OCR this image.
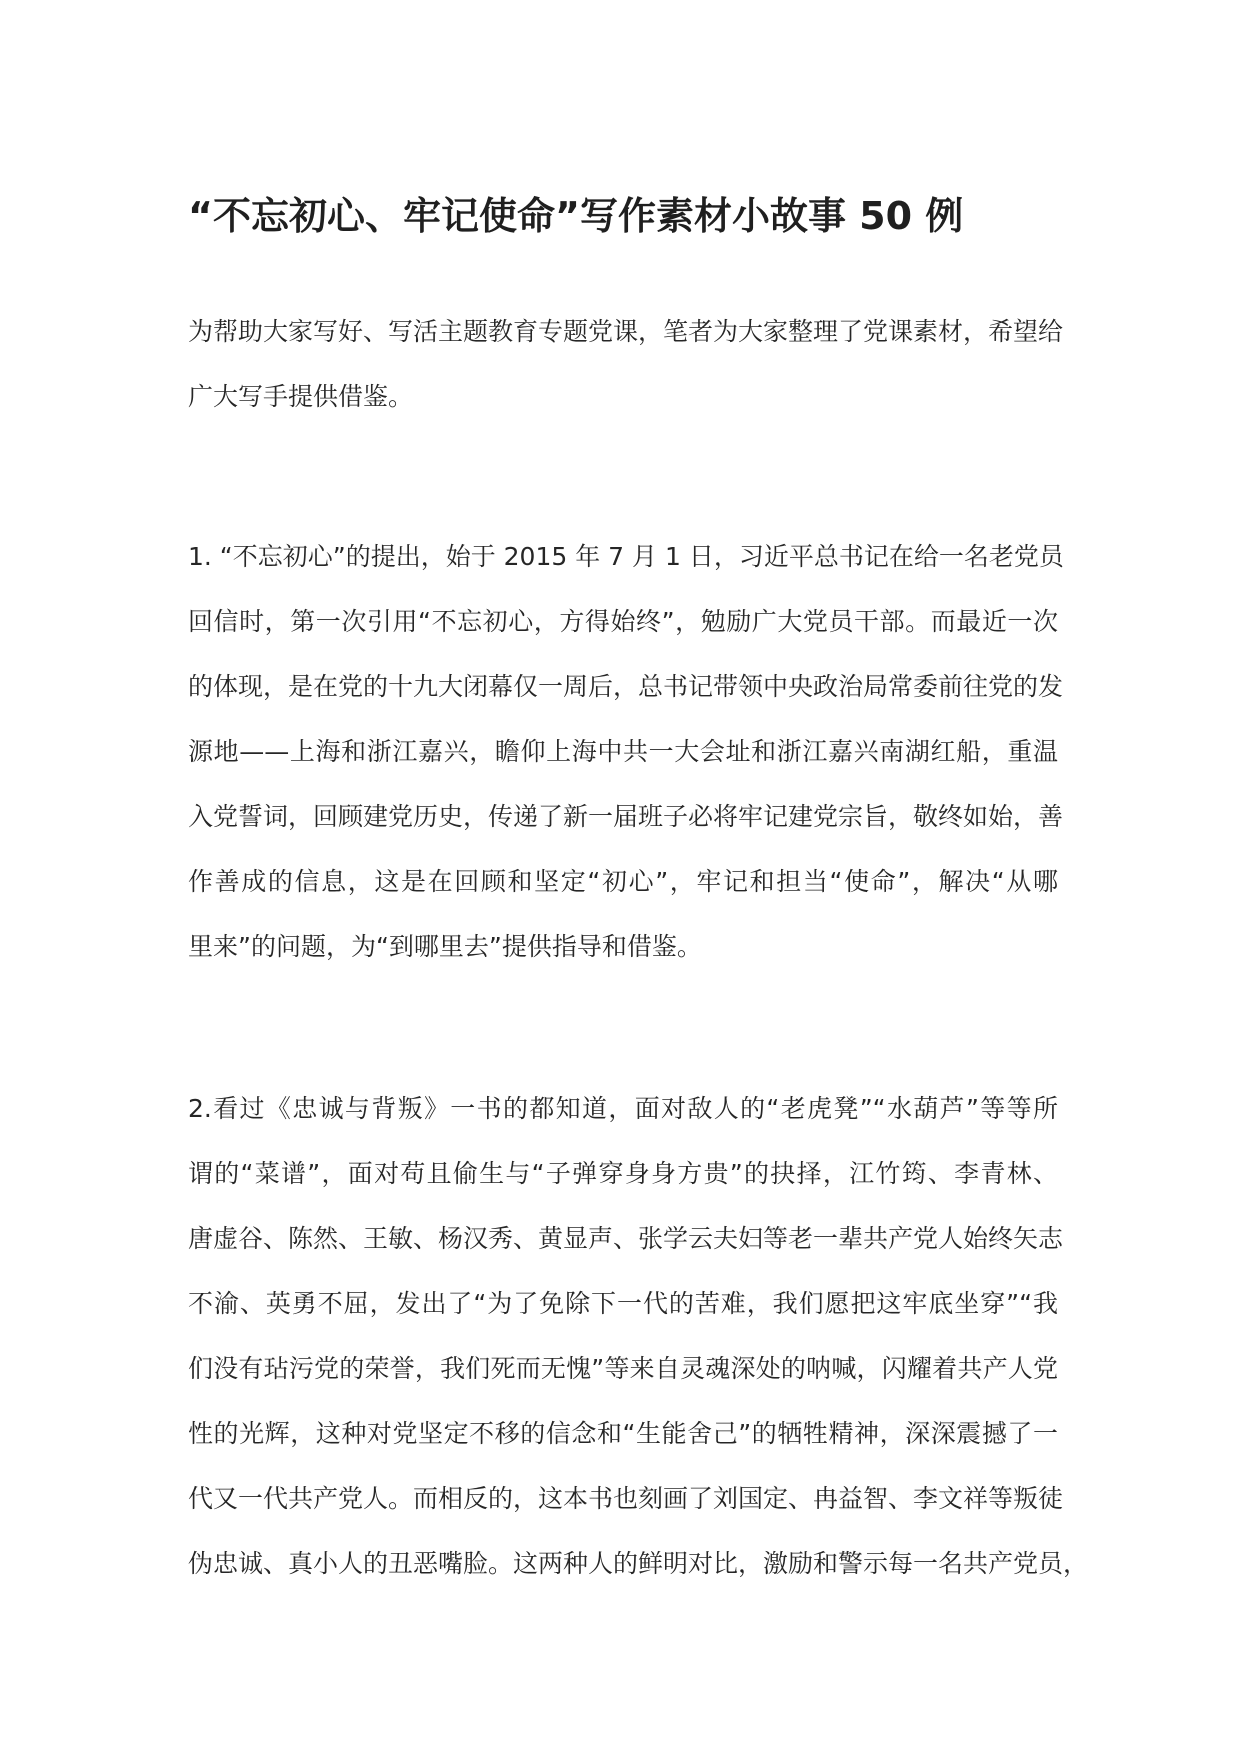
“不忘初心、牢记使命”写作素材小故事 50 例

为帮助大家写好、写活主题教育专题党课，笔者为大家整理了党课素材，希望给
广大写手提供借鉴。

1. “不忘初心”的提出，始于 2015 年 7 月 1 日，习近平总书记在给一名老党员
回信时，第一次引用“不忘初心，方得始终”，勉励广大党员干部。而最近一次
的体现，是在党的十九大闭幕仅一周后，总书记带领中央政治局常委前往党的发
源地——上海和浙江嘉兴，瞻仰上海中共一大会址和浙江嘉兴南湖红船，重温
入党誓词，回顾建党历史，传递了新一届班子必将牢记建党宗旨，敬终如始，善
作善成的信息，这是在回顾和坚定“初心”，牢记和担当“使命”，解决“从哪
里来”的问题，为“到哪里去”提供指导和借鉴。

2.看过《忠诚与背叛》一书的都知道，面对敌人的“老虎凳”“水葫芦”等等所
谓的“菜谱”，面对苟且偷生与“子弹穿身身方贵”的抉择，江竹筠、李青林、
唐虚谷、陈然、王敏、杨汉秀、黄显声、张学云夫妇等老一辈共产党人始终矢志
不渝、英勇不屈，发出了“为了免除下一代的苦难，我们愿把这牢底坐穿”“我
们没有玷污党的荣誉，我们死而无愧”等来自灵魂深处的呐喊，闪耀着共产人党
性的光辉，这种对党坚定不移的信念和“生能舍己”的牺牲精神，深深震撼了一
代又一代共产党人。而相反的，这本书也刻画了刘国定、冉益智、李文祥等叛徒
伪忠诚、真小人的丑恶嘴脸。这两种人的鲜明对比，激励和警示每一名共产党员，
